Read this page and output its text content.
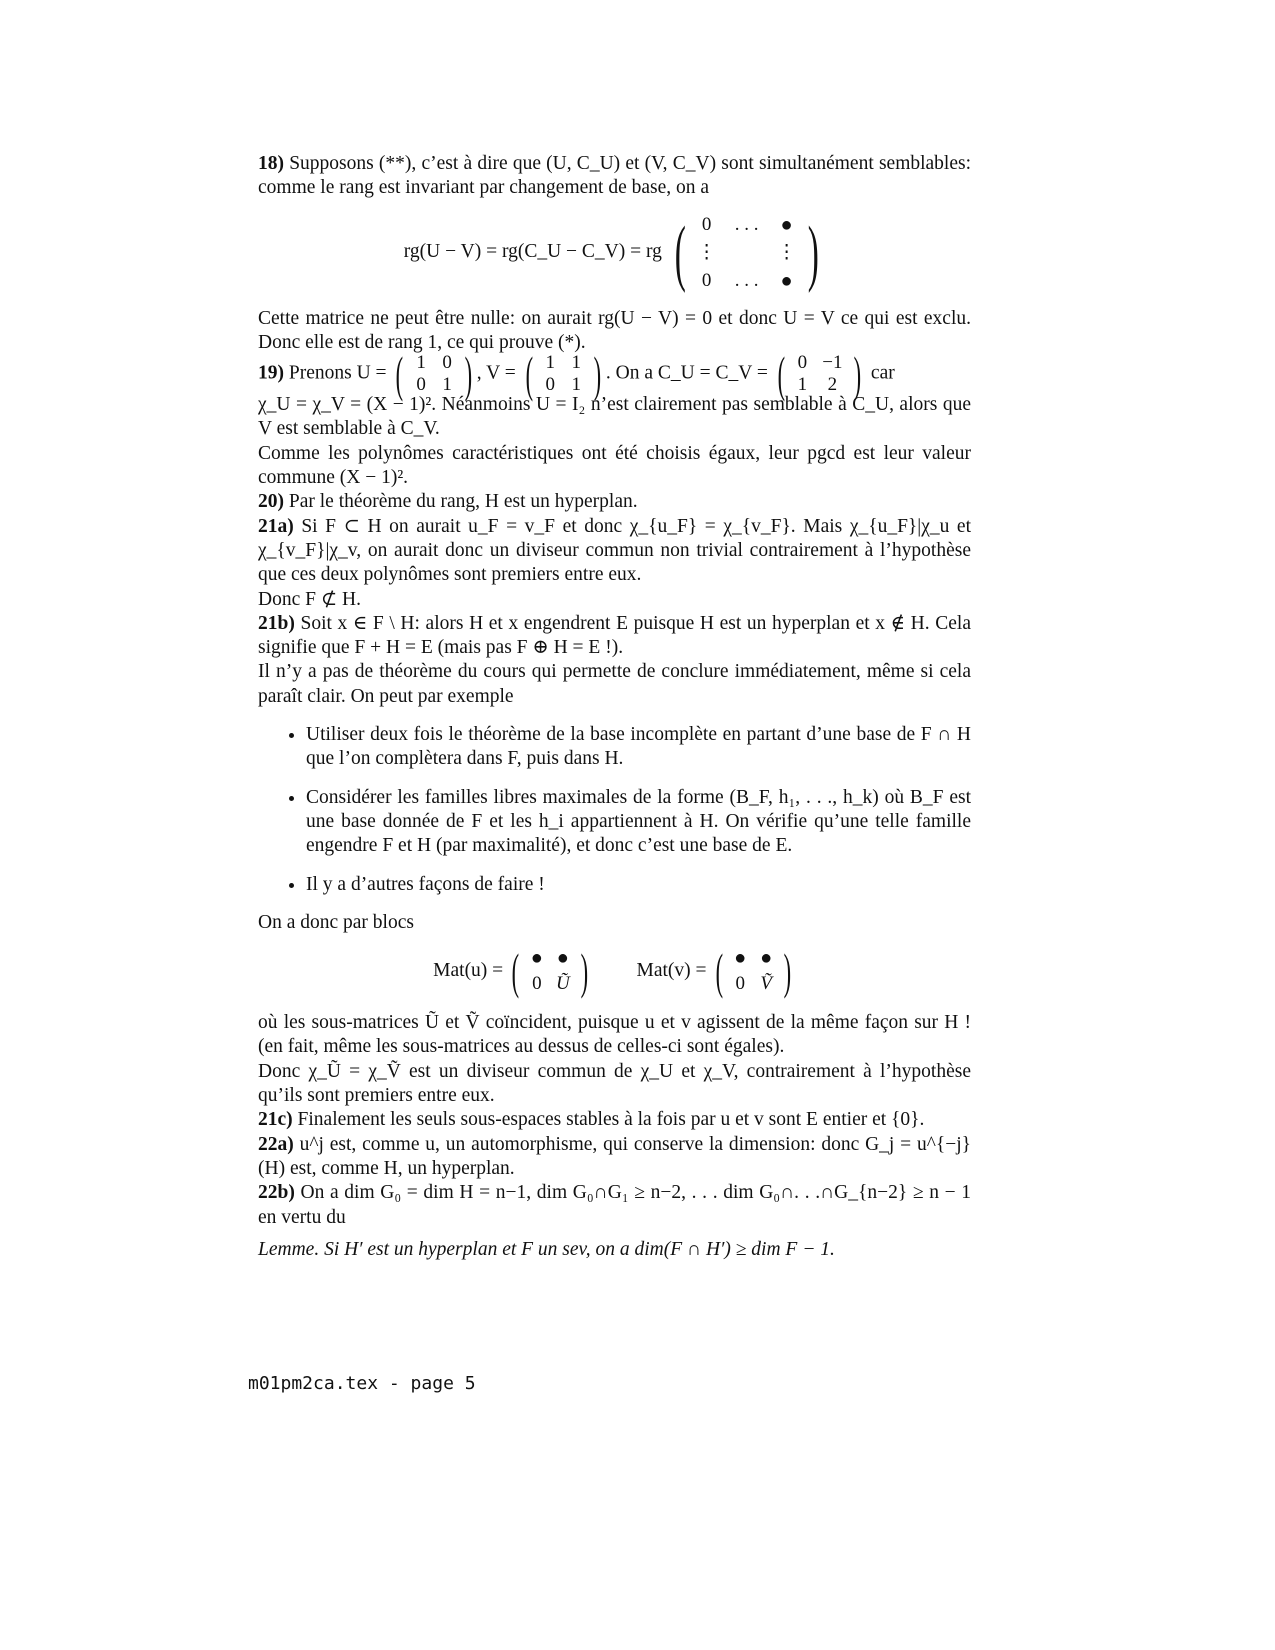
18) Supposons (**), c’est à dire que (U, C_U) et (V, C_V) sont simultanément semblables: comme le rang est invariant par changement de base, on a

rg(U − V) = rg(C_U − C_V) = rg ( 0	. . .	●
⋮	⋮
0	. . .	● )

Cette matrice ne peut être nulle: on aurait rg(U − V) = 0 et donc U = V ce qui est exclu. Donc elle est de rang 1, ce qui prouve (*).

19) Prenons U = ( 1 0
0 1 ) , V = ( 1 1
0 1 ) . On a C_U = C_V = ( 0 −1
1	2 ) car

χ_U = χ_V = (X − 1)². Néanmoins U = I₂ n’est clairement pas semblable à C_U, alors que V est semblable à C_V.

Comme les polynômes caractéristiques ont été choisis égaux, leur pgcd est leur valeur commune (X − 1)².

20) Par le théorème du rang, H est un hyperplan.

21a) Si F ⊂ H on aurait u_F = v_F et donc χ_{u_F} = χ_{v_F}. Mais χ_{u_F}|χ_u et χ_{v_F}|χ_v, on aurait donc un diviseur commun non trivial contrairement à l’hypothèse que ces deux polynômes sont premiers entre eux.

Donc F ⊄ H.

21b) Soit x ∈ F \ H: alors H et x engendrent E puisque H est un hyperplan et x ∉ H. Cela signifie que F + H = E (mais pas F ⊕ H = E !).

Il n’y a pas de théorème du cours qui permette de conclure immédiatement, même si cela paraît clair. On peut par exemple

• Utiliser deux fois le théorème de la base incomplète en partant d’une base de F ∩ H que l’on complètera dans F, puis dans H.
• Considérer les familles libres maximales de la forme (B_F, h₁, . . ., h_k) où B_F est une base donnée de F et les h_i appartiennent à H. On vérifie qu’une telle famille engendre F et H (par maximalité), et donc c’est une base de E.
• Il y a d’autres façons de faire !

On a donc par blocs

Mat(u) = ( ● ●
0 Ũ ) Mat(v) = ( ● ●
0 Ṽ )

où les sous-matrices Ũ et Ṽ coïncident, puisque u et v agissent de la même façon sur H ! (en fait, même les sous-matrices au dessus de celles-ci sont égales).

Donc χ_Ũ = χ_Ṽ est un diviseur commun de χ_U et χ_V, contrairement à l’hypothèse qu’ils sont premiers entre eux.

21c) Finalement les seuls sous-espaces stables à la fois par u et v sont E entier et {0}.

22a) u^j est, comme u, un automorphisme, qui conserve la dimension: donc G_j = u^{−j}(H) est, comme H, un hyperplan.

22b) On a dim G₀ = dim H = n−1, dim G₀∩G₁ ≥ n−2, . . . dim G₀∩. . .∩G_{n−2} ≥ n − 1 en vertu du

Lemme. Si H′ est un hyperplan et F un sev, on a dim(F ∩ H′) ≥ dim F − 1.

m01pm2ca.tex - page 5
